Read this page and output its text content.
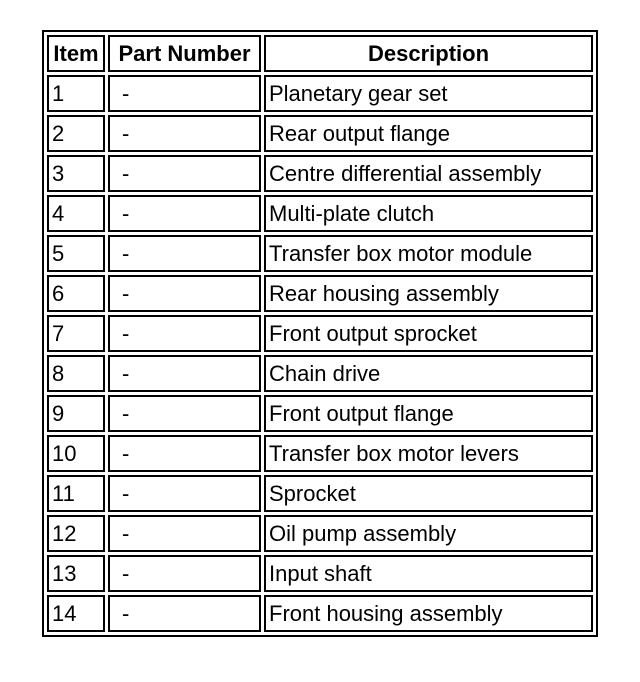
Item	Part Number	Description
1	-	Planetary gear set
2	-	Rear output flange
3	-	Centre differential assembly
4	-	Multi-plate clutch
5	-	Transfer box motor module
6	-	Rear housing assembly
7	-	Front output sprocket
8	-	Chain drive
9	-	Front output flange
10	-	Transfer box motor levers
11	-	Sprocket
12	-	Oil pump assembly
13	-	Input shaft
14	-	Front housing assembly
